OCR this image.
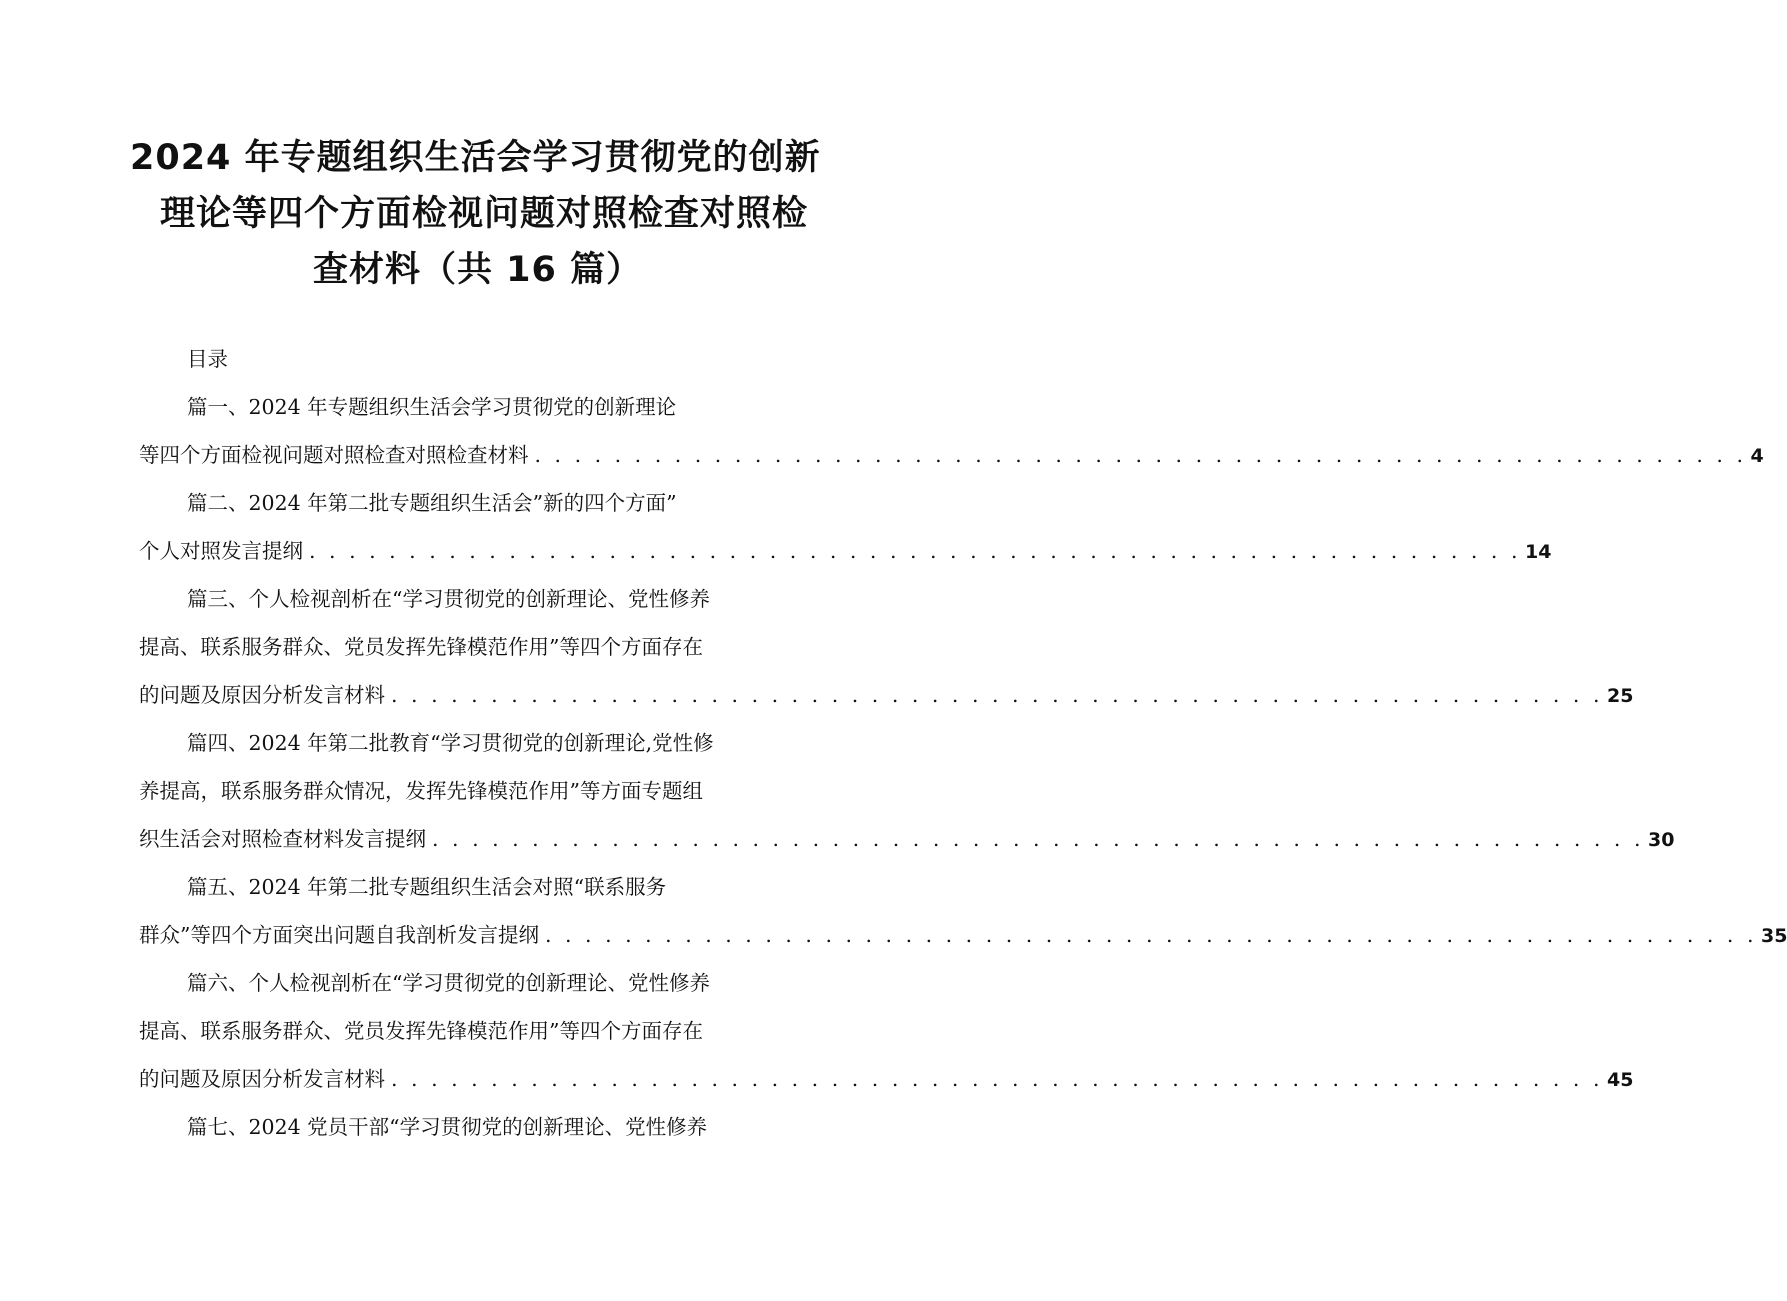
2024 年专题组织生活会学习贯彻党的创新
理论等四个方面检视问题对照检查对照检
查材料（共 16 篇）
目录
篇一、2024 年专题组织生活会学习贯彻党的创新理论
等四个方面检视问题对照检查对照检查材料 . . . . . . . . . . . . . . . . . . . . . . . . . . . . . . . . . . . . . . . . . . . . . . . . . . . . . . . . . . . . . 4
篇二、2024 年第二批专题组织生活会”新的四个方面”
个人对照发言提纲 . . . . . . . . . . . . . . . . . . . . . . . . . . . . . . . . . . . . . . . . . . . . . . . . . . . . . . . . . . . . . 14
篇三、个人检视剖析在“学习贯彻党的创新理论、党性修养
提高、联系服务群众、党员发挥先锋模范作用”等四个方面存在
的问题及原因分析发言材料 . . . . . . . . . . . . . . . . . . . . . . . . . . . . . . . . . . . . . . . . . . . . . . . . . . . . . . . . . . . . . 25
篇四、2024 年第二批教育“学习贯彻党的创新理论,党性修
养提高，联系服务群众情况，发挥先锋模范作用”等方面专题组
织生活会对照检查材料发言提纲 . . . . . . . . . . . . . . . . . . . . . . . . . . . . . . . . . . . . . . . . . . . . . . . . . . . . . . . . . . . . . 30
篇五、2024 年第二批专题组织生活会对照“联系服务
群众”等四个方面突出问题自我剖析发言提纲 . . . . . . . . . . . . . . . . . . . . . . . . . . . . . . . . . . . . . . . . . . . . . . . . . . . . . . . . . . . . . 35
篇六、个人检视剖析在“学习贯彻党的创新理论、党性修养
提高、联系服务群众、党员发挥先锋模范作用”等四个方面存在
的问题及原因分析发言材料 . . . . . . . . . . . . . . . . . . . . . . . . . . . . . . . . . . . . . . . . . . . . . . . . . . . . . . . . . . . . . 45
篇七、2024 党员干部“学习贯彻党的创新理论、党性修养
